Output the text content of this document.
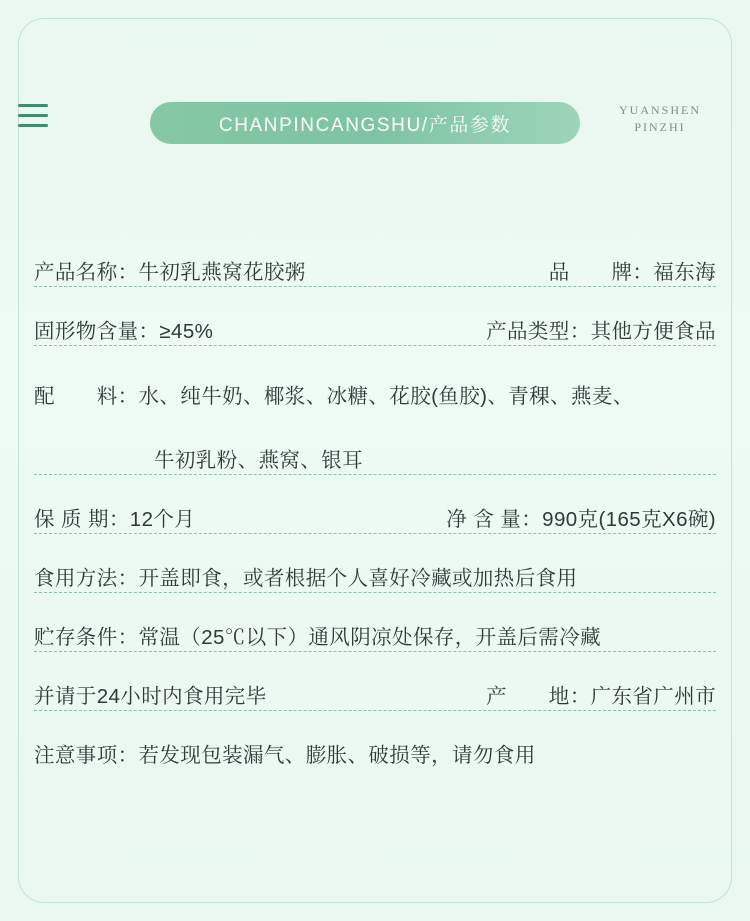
CHANPINCANGSHU/产品参数
YUANSHEN
PINZHI
产品名称：牛初乳燕窝花胶粥	品　　牌：福东海
固形物含量：≥45%	产品类型：其他方便食品
配　　料：水、纯牛奶、椰浆、冰糖、花胶(鱼胶)、青稞、燕麦、
牛初乳粉、燕窝、银耳
保 质 期：12个月	净 含 量：990克(165克X6碗)
食用方法：开盖即食，或者根据个人喜好冷藏或加热后食用
贮存条件：常温（25℃以下）通风阴凉处保存，开盖后需冷藏
并请于24小时内食用完毕	产　　地：广东省广州市
注意事项：若发现包装漏气、膨胀、破损等，请勿食用
